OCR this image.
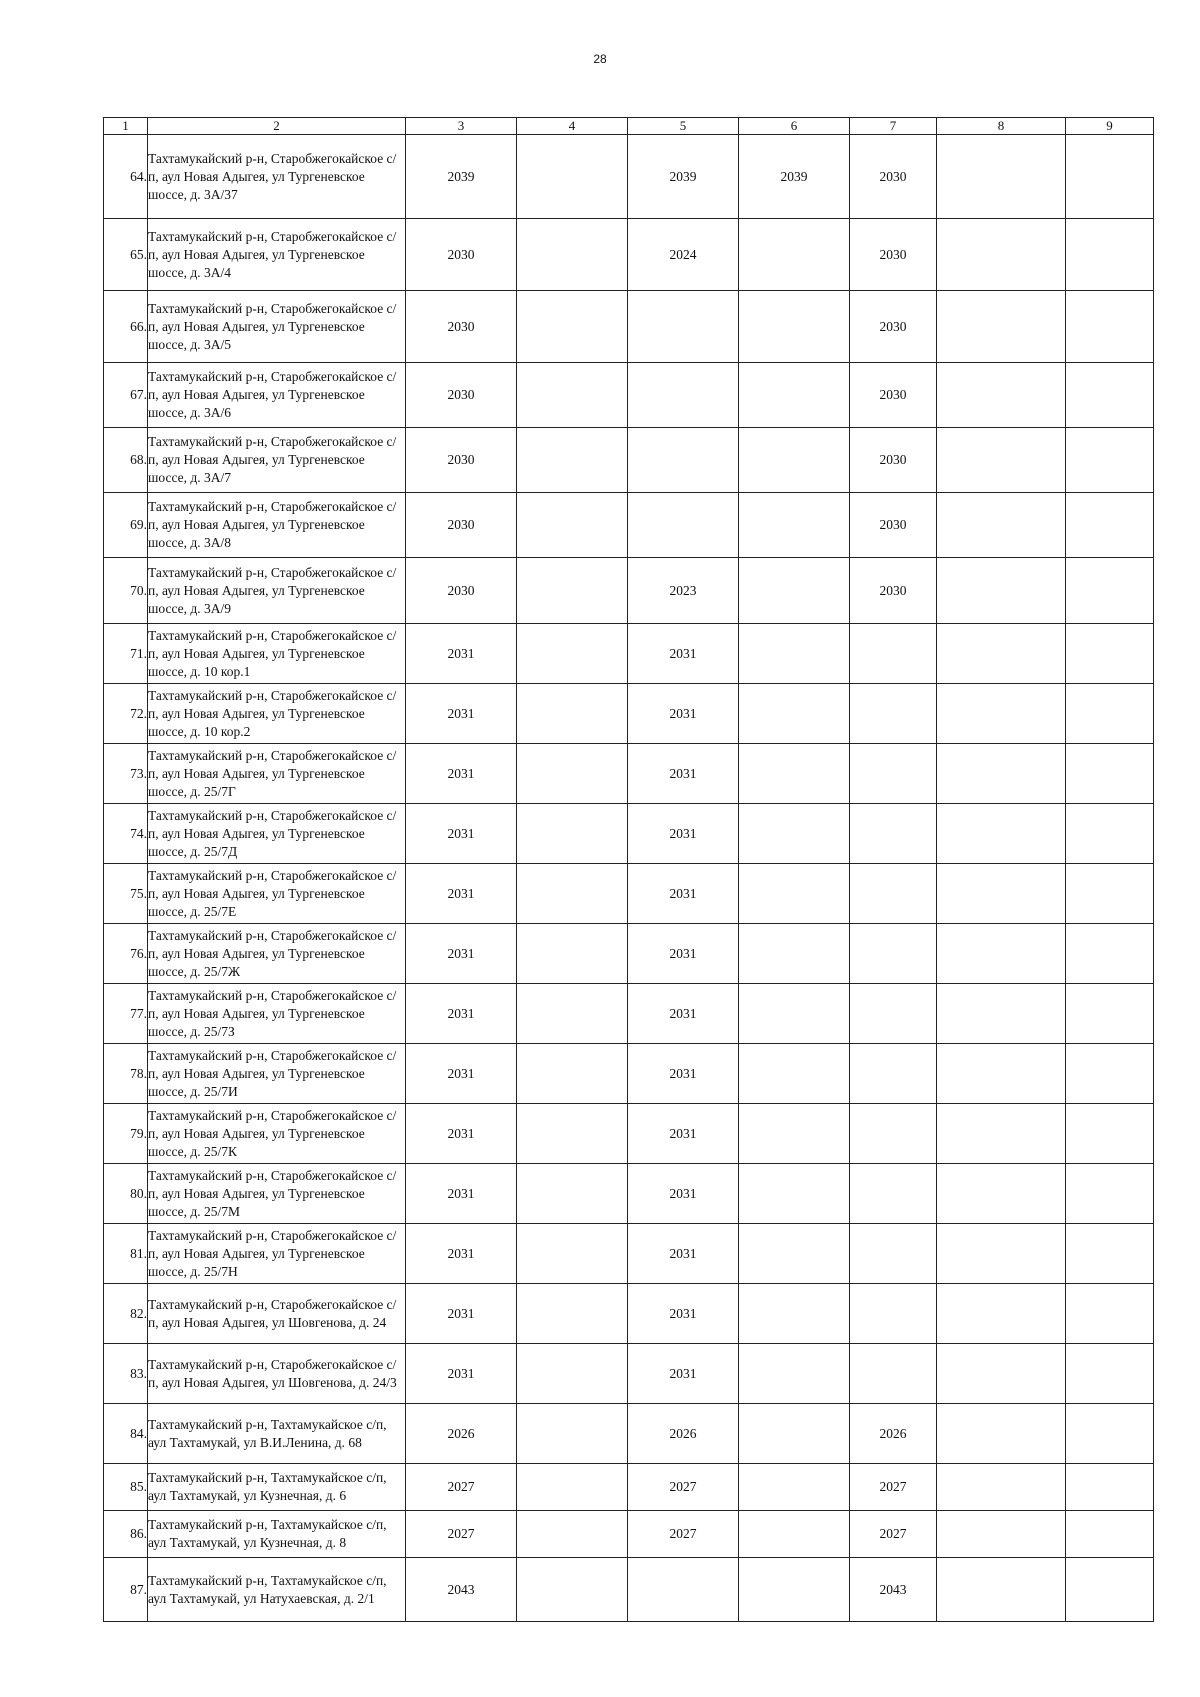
28
1	2	3	4	5	6	7	8	9
64.	Тахтамукайский р-н, Старобжегокайское с/п, аул Новая Адыгея, ул Тургеневское шоссе, д. 3А/37	2039		2039	2039	2030		
65.	Тахтамукайский р-н, Старобжегокайское с/п, аул Новая Адыгея, ул Тургеневское шоссе, д. 3А/4	2030		2024		2030		
66.	Тахтамукайский р-н, Старобжегокайское с/п, аул Новая Адыгея, ул Тургеневское шоссе, д. 3А/5	2030				2030		
67.	Тахтамукайский р-н, Старобжегокайское с/п, аул Новая Адыгея, ул Тургеневское шоссе, д. 3А/6	2030				2030		
68.	Тахтамукайский р-н, Старобжегокайское с/п, аул Новая Адыгея, ул Тургеневское шоссе, д. 3А/7	2030				2030		
69.	Тахтамукайский р-н, Старобжегокайское с/п, аул Новая Адыгея, ул Тургеневское шоссе, д. 3А/8	2030				2030		
70.	Тахтамукайский р-н, Старобжегокайское с/п, аул Новая Адыгея, ул Тургеневское шоссе, д. 3А/9	2030		2023		2030		
71.	Тахтамукайский р-н, Старобжегокайское с/п, аул Новая Адыгея, ул Тургеневское шоссе, д. 10 кор.1	2031		2031				
72.	Тахтамукайский р-н, Старобжегокайское с/п, аул Новая Адыгея, ул Тургеневское шоссе, д. 10 кор.2	2031		2031				
73.	Тахтамукайский р-н, Старобжегокайское с/п, аул Новая Адыгея, ул Тургеневское шоссе, д. 25/7Г	2031		2031				
74.	Тахтамукайский р-н, Старобжегокайское с/п, аул Новая Адыгея, ул Тургеневское шоссе, д. 25/7Д	2031		2031				
75.	Тахтамукайский р-н, Старобжегокайское с/п, аул Новая Адыгея, ул Тургеневское шоссе, д. 25/7Е	2031		2031				
76.	Тахтамукайский р-н, Старобжегокайское с/п, аул Новая Адыгея, ул Тургеневское шоссе, д. 25/7Ж	2031		2031				
77.	Тахтамукайский р-н, Старобжегокайское с/п, аул Новая Адыгея, ул Тургеневское шоссе, д. 25/7З	2031		2031				
78.	Тахтамукайский р-н, Старобжегокайское с/п, аул Новая Адыгея, ул Тургеневское шоссе, д. 25/7И	2031		2031				
79.	Тахтамукайский р-н, Старобжегокайское с/п, аул Новая Адыгея, ул Тургеневское шоссе, д. 25/7К	2031		2031				
80.	Тахтамукайский р-н, Старобжегокайское с/п, аул Новая Адыгея, ул Тургеневское шоссе, д. 25/7М	2031		2031				
81.	Тахтамукайский р-н, Старобжегокайское с/п, аул Новая Адыгея, ул Тургеневское шоссе, д. 25/7Н	2031		2031				
82.	Тахтамукайский р-н, Старобжегокайское с/п, аул Новая Адыгея, ул Шовгенова, д. 24	2031		2031				
83.	Тахтамукайский р-н, Старобжегокайское с/п, аул Новая Адыгея, ул Шовгенова, д. 24/3	2031		2031				
84.	Тахтамукайский р-н, Тахтамукайское с/п, аул Тахтамукай, ул В.И.Ленина, д. 68	2026		2026		2026		
85.	Тахтамукайский р-н, Тахтамукайское с/п, аул Тахтамукай, ул Кузнечная, д. 6	2027		2027		2027		
86.	Тахтамукайский р-н, Тахтамукайское с/п, аул Тахтамукай, ул Кузнечная, д. 8	2027		2027		2027		
87.	Тахтамукайский р-н, Тахтамукайское с/п, аул Тахтамукай, ул Натухаевская, д. 2/1	2043				2043		
